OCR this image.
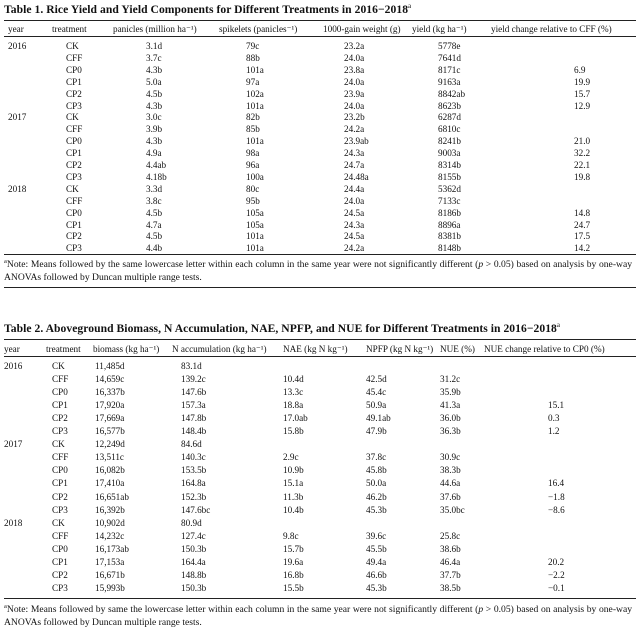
Table 1. Rice Yield and Yield Components for Different Treatments in $2016-2018^a$
year	treatment	panicles (million ha⁻¹) spikelets (panicles⁻¹)	1000-gain weight (g) yield (kg ha⁻¹)	yield change relative to CFF (%)
2016	CK	3.1d	79c	23.2a	5778e
CFF	3.7c	88b	24.0a	7641d
CP0	4.3b	101a	23.8a	8171c	6.9
CP1	5.0a	97a	24.0a	9163a	19.9
CP2	4.5b	102a	23.9a	8842ab	15.7
CP3	4.3b	101a	24.0a	8623b	12.9
2017	CK	3.0c	82b	23.2b	6287d
CFF	3.9b	85b	24.2a	6810c
CP0	4.3b	101a	23.9ab	8241b	21.0
CP1	4.9a	98a	24.3a	9003a	32.2
CP2	4.4ab	96a	24.7a	8314b	22.1
CP3	4.18b	100a	24.48a	8155b	19.8
2018	CK	3.3d	80c	24.4a	5362d
CFF	3.8c	95b	24.0a	7133c
CP0	4.5b	105a	24.5a	8186b	14.8
CP1	4.7a	105a	24.3a	8896a	24.7
CP2	4.5b	101a	24.5a	8381b	17.5
CP3	4.4b	101a	24.2a	8148b	14.2
$^a$Note: Means followed by the same lowercase letter within each column in the same year were not significantly different (p > 0.05) based on analysis by one-way ANOVAs followed by Duncan multiple range tests.
Table 2. Aboveground Biomass, N Accumulation, NAE, NPFP, and NUE for Different Treatments in $2016-2018^a$
year	treatment biomass (kg ha⁻¹) N accumulation (kg ha⁻¹) NAE (kg N kg⁻¹) NPFP (kg N kg⁻¹) NUE (%) NUE change relative to CP0 (%)
2016	CK	11,485d	83.1d
CFF	14,659c	139.2c	10.4d	42.5d	31.2c
CP0	16,337b	147.6b	13.3c	45.4c	35.9b
CP1	17,920a	157.3a	18.8a	50.9a	41.3a	15.1
CP2	17,669a	147.8b	17.0ab	49.1ab	36.0b	0.3
CP3	16,577b	148.4b	15.8b	47.9b	36.3b	1.2
2017	CK	12,249d	84.6d
CFF	13,511c	140.3c	2.9c	37.8c	30.9c
CP0	16,082b	153.5b	10.9b	45.8b	38.3b
CP1	17,410a	164.8a	15.1a	50.0a	44.6a	16.4
CP2	16,651ab	152.3b	11.3b	46.2b	37.6b	−1.8
CP3	16,392b	147.6bc	10.4b	45.3b	35.0bc	−8.6
2018	CK	10,902d	80.9d
CFF	14,232c	127.4c	9.8c	39.6c	25.8c
CP0	16,173ab	150.3b	15.7b	45.5b	38.6b
CP1	17,153a	164.4a	19.6a	49.4a	46.4a	20.2
CP2	16,671b	148.8b	16.8b	46.6b	37.7b	−2.2
CP3	15,993b	150.3b	15.5b	45.3b	38.5b	−0.1
$^a$Note: Means followed by same the lowercase letter within each column in the same year were not significantly different (p > 0.05) based on analysis by one-way ANOVAs followed by Duncan multiple range tests.
